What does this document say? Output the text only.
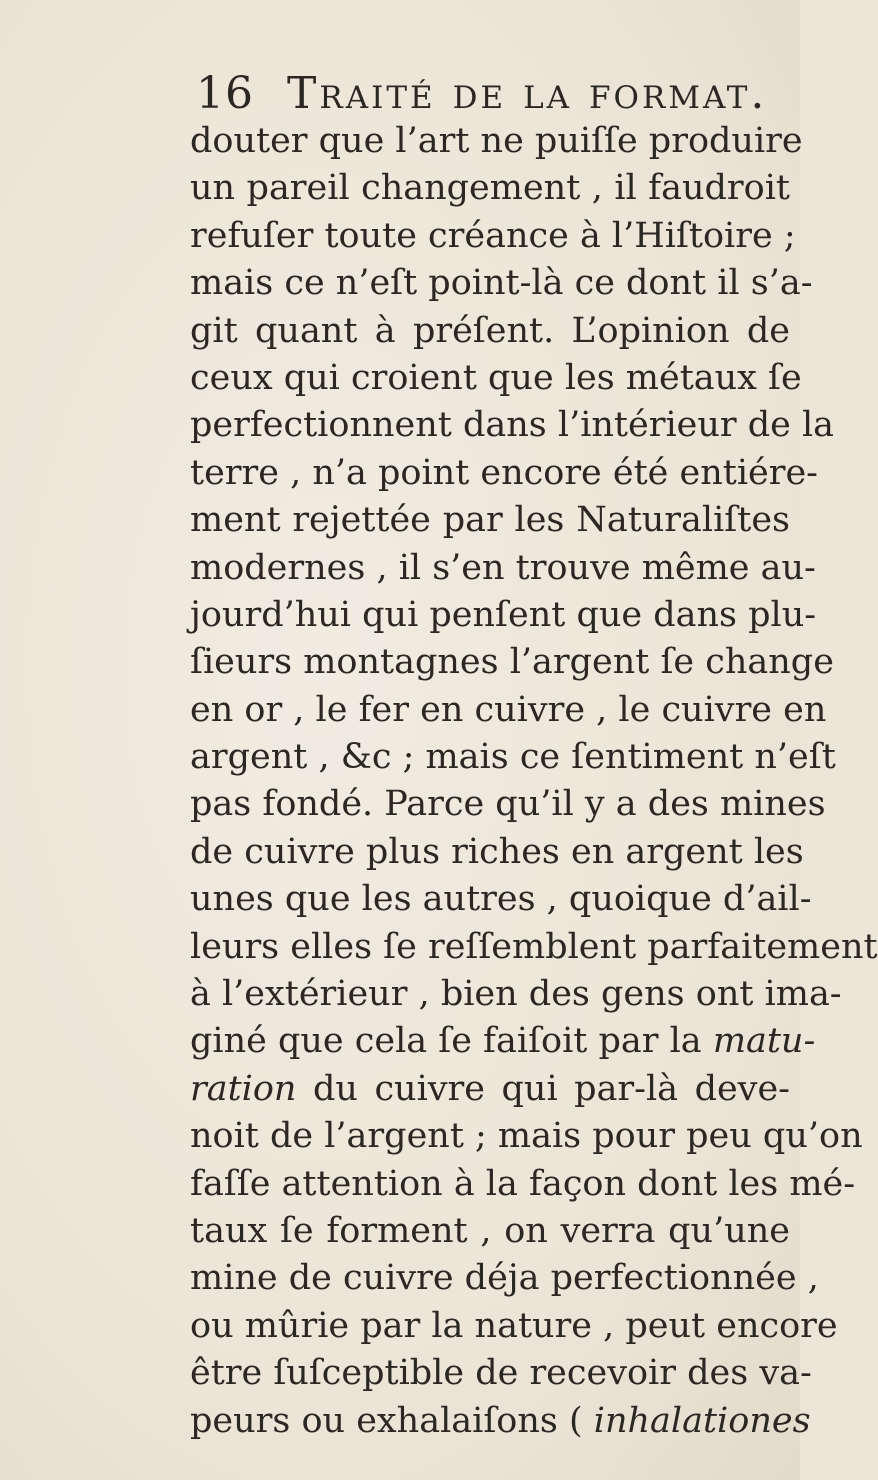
16 Traité de la format.
douter que l’art ne puiſſe produire
un pareil changement , il faudroit
refuſer toute créance à l’Hiſtoire ;
mais ce n’eſt point-là ce dont il s’a-
git quant à préſent. L’opinion de
ceux qui croient que les métaux ſe
perfectionnent dans l’intérieur de la
terre , n’a point encore été entiére-
ment rejettée par les Naturaliſtes
modernes , il s’en trouve même au-
jourd’hui qui penſent que dans plu-
ſieurs montagnes l’argent ſe change
en or , le fer en cuivre , le cuivre en
argent , &c ; mais ce ſentiment n’eſt
pas fondé. Parce qu’il y a des mines
de cuivre plus riches en argent les
unes que les autres , quoique d’ail-
leurs elles ſe reſſemblent parfaitement
à l’extérieur , bien des gens ont ima-
giné que cela ſe faiſoit par la matu-
ration du cuivre qui par-là deve-
noit de l’argent ; mais pour peu qu’on
faſſe attention à la façon dont les mé-
taux ſe forment , on verra qu’une
mine de cuivre déja perfectionnée ,
ou mûrie par la nature , peut encore
être ſuſceptible de recevoir des va-
peurs ou exhalaiſons ( inhalationes
